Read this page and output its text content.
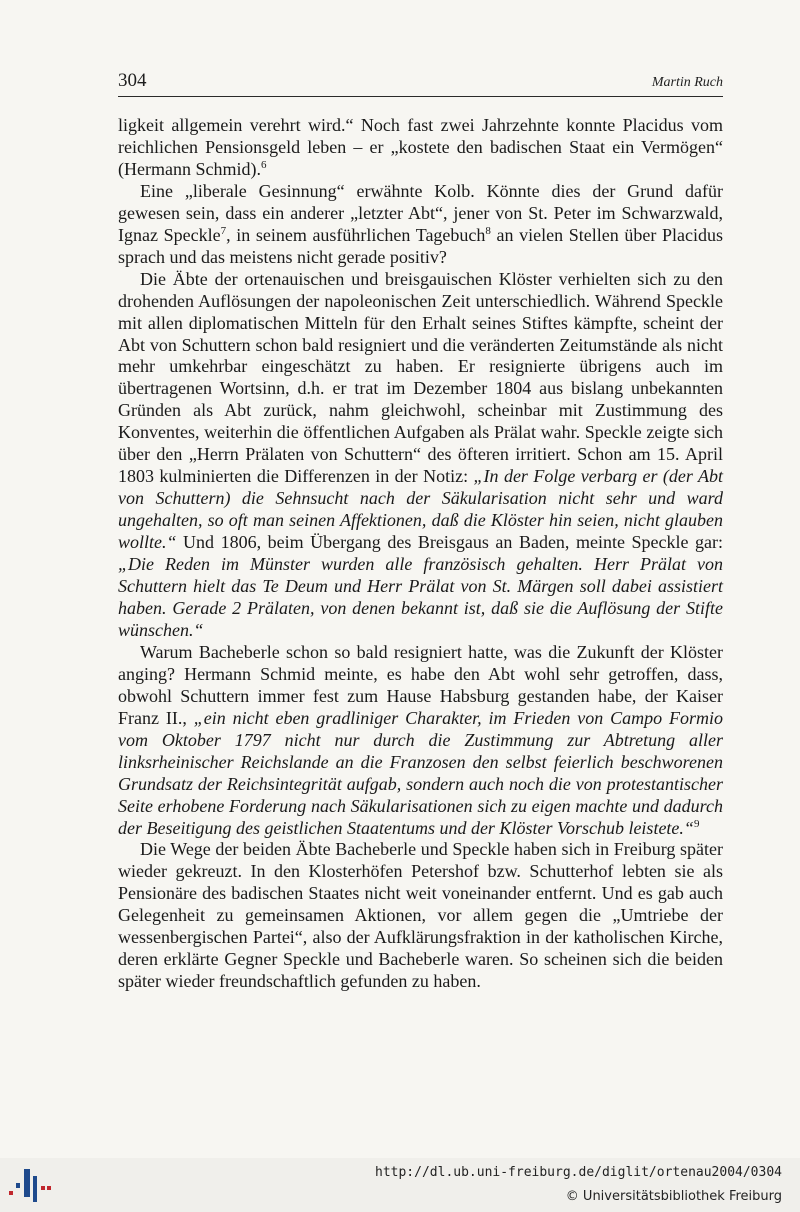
304	Martin Ruch

ligkeit allgemein verehrt wird.“ Noch fast zwei Jahrzehnte konnte Placidus vom reichlichen Pensionsgeld leben – er „kostete den badischen Staat ein Vermögen“ (Hermann Schmid).$^6$

Eine „liberale Gesinnung“ erwähnte Kolb. Könnte dies der Grund dafür gewesen sein, dass ein anderer „letzter Abt“, jener von St. Peter im Schwarzwald, Ignaz Speckle$^7$, in seinem ausführlichen Tagebuch$^8$ an vielen Stellen über Placidus sprach und das meistens nicht gerade positiv?

Die Äbte der ortenauischen und breisgauischen Klöster verhielten sich zu den drohenden Auflösungen der napoleonischen Zeit unterschiedlich. Während Speckle mit allen diplomatischen Mitteln für den Erhalt seines Stiftes kämpfte, scheint der Abt von Schuttern schon bald resigniert und die veränderten Zeitumstände als nicht mehr umkehrbar eingeschätzt zu haben. Er resignierte übrigens auch im übertragenen Wortsinn, d.h. er trat im Dezember 1804 aus bislang unbekannten Gründen als Abt zurück, nahm gleichwohl, scheinbar mit Zustimmung des Konventes, weiterhin die öffentlichen Aufgaben als Prälat wahr. Speckle zeigte sich über den „Herrn Prälaten von Schuttern“ des öfteren irritiert. Schon am 15. April 1803 kulminierten die Differenzen in der Notiz: „In der Folge verbarg er (der Abt von Schuttern) die Sehnsucht nach der Säkularisation nicht sehr und ward ungehalten, so oft man seinen Affektionen, daß die Klöster hin seien, nicht glauben wollte.“ Und 1806, beim Übergang des Breisgaus an Baden, meinte Speckle gar: „Die Reden im Münster wurden alle französisch gehalten. Herr Prälat von Schuttern hielt das Te Deum und Herr Prälat von St. Märgen soll dabei assistiert haben. Gerade 2 Prälaten, von denen bekannt ist, daß sie die Auflösung der Stifte wünschen.“

Warum Bacheberle schon so bald resigniert hatte, was die Zukunft der Klöster anging? Hermann Schmid meinte, es habe den Abt wohl sehr getroffen, dass, obwohl Schuttern immer fest zum Hause Habsburg gestanden habe, der Kaiser Franz II., „ein nicht eben gradliniger Charakter, im Frieden von Campo Formio vom Oktober 1797 nicht nur durch die Zustimmung zur Abtretung aller linksrheinischer Reichslande an die Franzosen den selbst feierlich beschworenen Grundsatz der Reichsintegrität aufgab, sondern auch noch die von protestantischer Seite erhobene Forderung nach Säkularisationen sich zu eigen machte und dadurch der Beseitigung des geistlichen Staatentums und der Klöster Vorschub leistete.“$^9$

Die Wege der beiden Äbte Bacheberle und Speckle haben sich in Freiburg später wieder gekreuzt. In den Klosterhöfen Petershof bzw. Schutterhof lebten sie als Pensionäre des badischen Staates nicht weit voneinander entfernt. Und es gab auch Gelegenheit zu gemeinsamen Aktionen, vor allem gegen die „Umtriebe der wessenbergischen Partei“, also der Aufklärungsfraktion in der katholischen Kirche, deren erklärte Gegner Speckle und Bacheberle waren. So scheinen sich die beiden später wieder freundschaftlich gefunden zu haben.

http://dl.ub.uni-freiburg.de/diglit/ortenau2004/0304
© Universitätsbibliothek Freiburg
